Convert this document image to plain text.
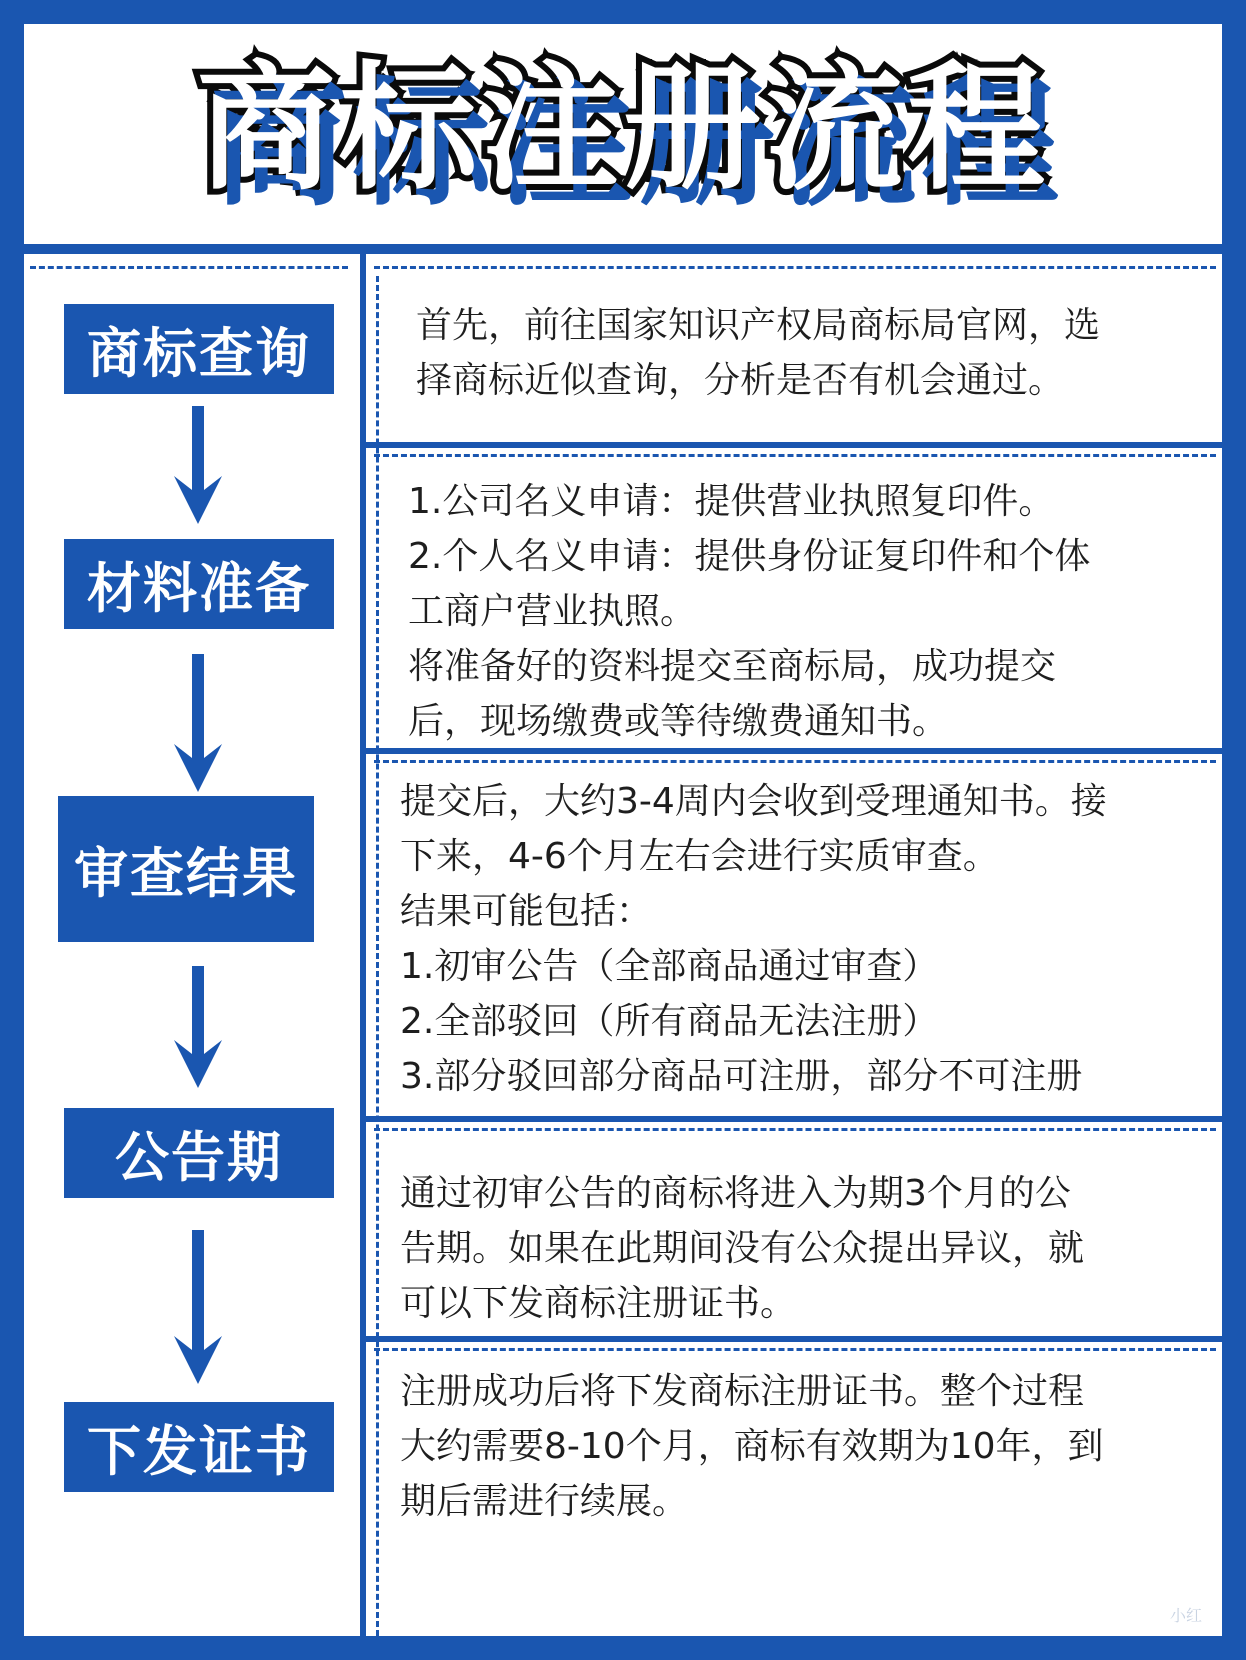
商标注册流程
商标查询
材料准备
审查结果
公告期
下发证书
首先，前往国家知识产权局商标局官网，选
择商标近似查询，分析是否有机会通过。
1.公司名义申请：提供营业执照复印件。
2.个人名义申请：提供身份证复印件和个体
工商户营业执照。
将准备好的资料提交至商标局，成功提交
后，现场缴费或等待缴费通知书。
提交后，大约3-4周内会收到受理通知书。接
下来，4-6个月左右会进行实质审查。
结果可能包括：
1.初审公告（全部商品通过审查）
2.全部驳回（所有商品无法注册）
3.部分驳回部分商品可注册，部分不可注册
通过初审公告的商标将进入为期3个月的公
告期。如果在此期间没有公众提出异议，就
可以下发商标注册证书。
注册成功后将下发商标注册证书。整个过程
大约需要8-10个月，商标有效期为10年，到
期后需进行续展。
小红
